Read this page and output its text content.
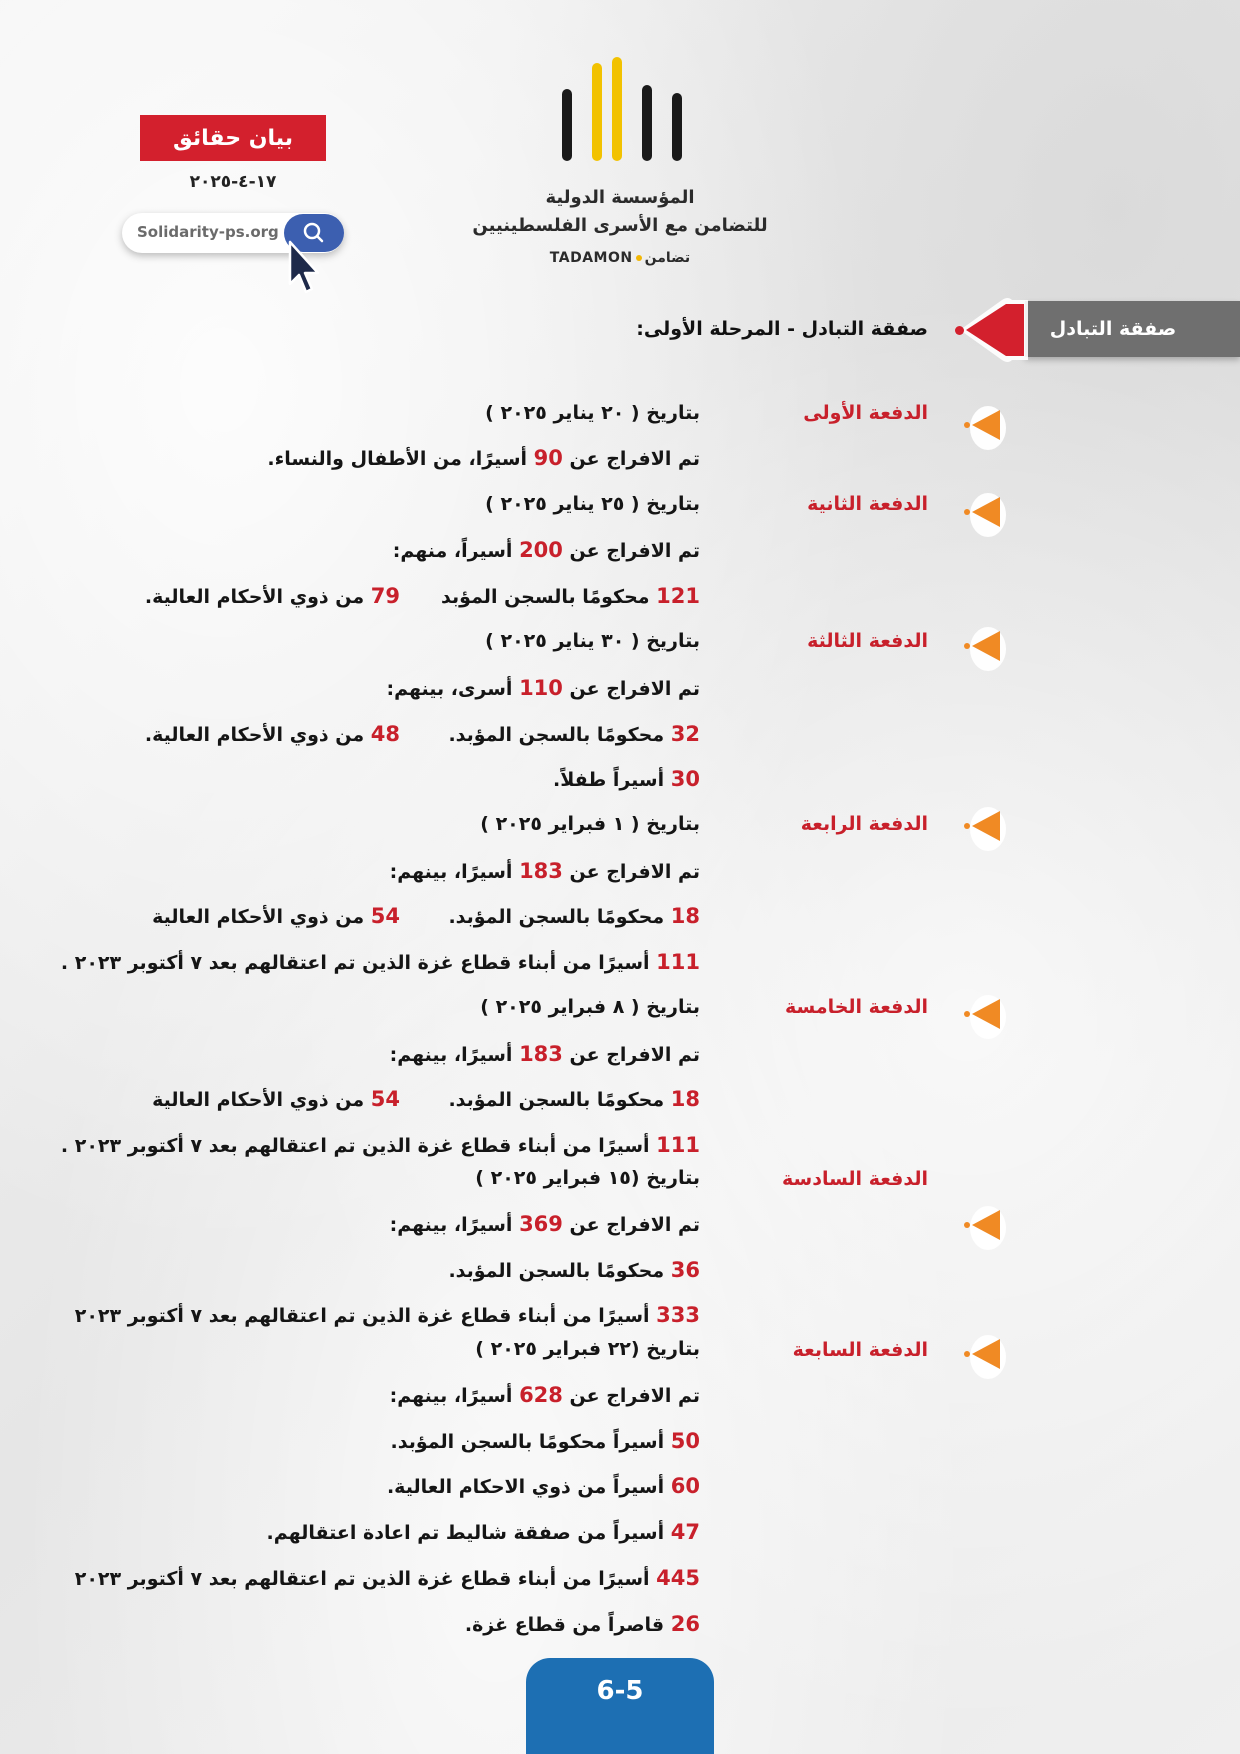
المؤسسة الدولية
للتضامن مع الأسرى الفلسطينيين
TADAMON تضامن
بيان حقائق
١٧-٤-٢٠٢٥
Solidarity-ps.org
صفقة التبادل
صفقة التبادل - المرحلة الأولى:
الدفعة الأولى
بتاريخ ( ٢٠ يناير ٢٠٢٥ )
تم الافراج عن 90 أسيرًا، من الأطفال والنساء.
الدفعة الثانية
بتاريخ ( ٢٥ يناير ٢٠٢٥ )
تم الافراج عن 200 أسيراً، منهم:
121 محكومًا بالسجن المؤبد
79 من ذوي الأحكام العالية.
الدفعة الثالثة
بتاريخ ( ٣٠ يناير ٢٠٢٥ )
تم الافراج عن 110 أسرى، بينهم:
32 محكومًا بالسجن المؤبد.
48 من ذوي الأحكام العالية.
30 أسيراً طفلاً.
الدفعة الرابعة
بتاريخ ( ١ فبراير ٢٠٢٥ )
تم الافراج عن 183 أسيرًا، بينهم:
18 محكومًا بالسجن المؤبد.
54 من ذوي الأحكام العالية
111 أسيرًا من أبناء قطاع غزة الذين تم اعتقالهم بعد ٧ أكتوبر ٢٠٢٣ .
الدفعة الخامسة
بتاريخ ( ٨ فبراير ٢٠٢٥ )
تم الافراج عن 183 أسيرًا، بينهم:
18 محكومًا بالسجن المؤبد.
54 من ذوي الأحكام العالية
111 أسيرًا من أبناء قطاع غزة الذين تم اعتقالهم بعد ٧ أكتوبر ٢٠٢٣ .
الدفعة السادسة
بتاريخ (١٥ فبراير ٢٠٢٥ )
تم الافراج عن 369 أسيرًا، بينهم:
36 محكومًا بالسجن المؤبد.
333 أسيرًا من أبناء قطاع غزة الذين تم اعتقالهم بعد ٧ أكتوبر ٢٠٢٣
الدفعة السابعة
بتاريخ (٢٢ فبراير ٢٠٢٥ )
تم الافراج عن 628 أسيرًا، بينهم:
50 أسيراً محكومًا بالسجن المؤبد.
60 أسيراً من ذوي الاحكام العالية.
47 أسيراً من صفقة شاليط تم اعادة اعتقالهم.
445 أسيرًا من أبناء قطاع غزة الذين تم اعتقالهم بعد ٧ أكتوبر ٢٠٢٣
26 قاصراً من قطاع غزة.
6-5
